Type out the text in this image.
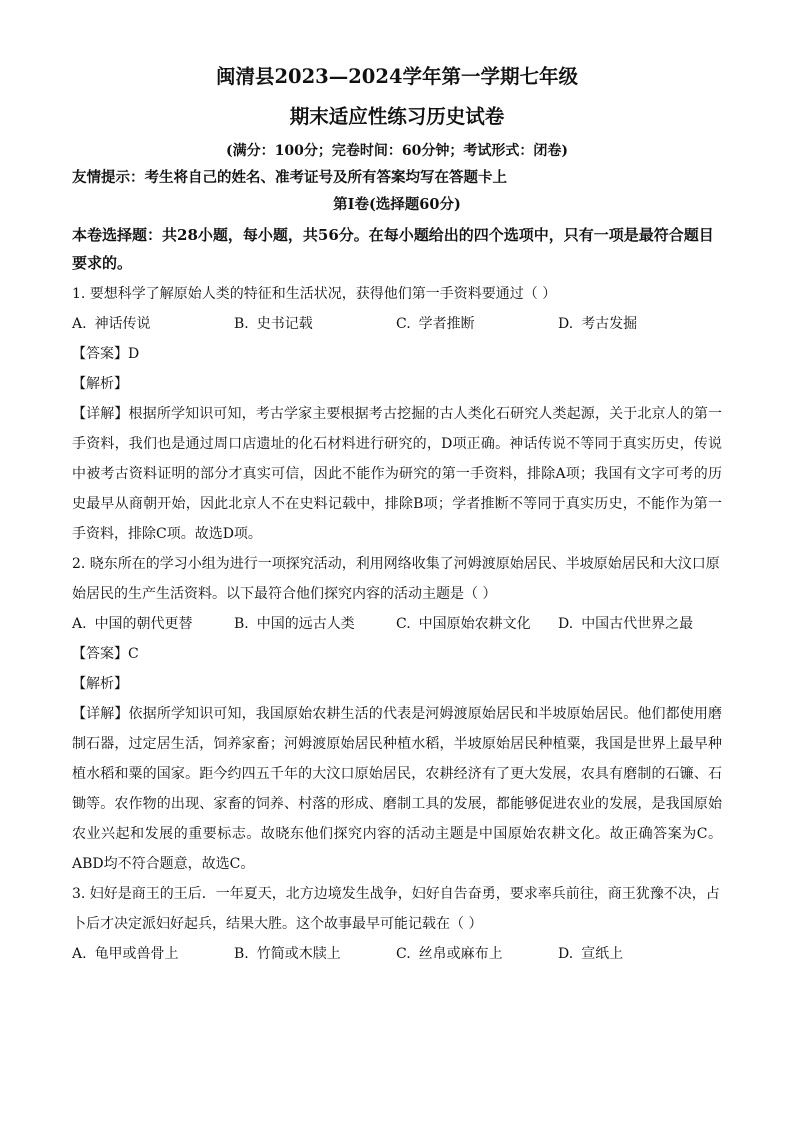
闽清县2023—2024学年第一学期七年级
期末适应性练习历史试卷
(满分：100分；完卷时间：60分钟；考试形式：闭卷)
友情提示：考生将自己的姓名、准考证号及所有答案均写在答题卡上
第Ⅰ卷(选择题60分)
本卷选择题：共28小题，每小题，共56分。在每小题给出的四个选项中，只有一项是最符合题目要求的。

1. 要想科学了解原始人类的特征和生活状况，获得他们第一手资料要通过（ ）

A. 神话传说	B. 史书记载	C. 学者推断	D. 考古发掘
【答案】D
【解析】

【详解】根据所学知识可知，考古学家主要根据考古挖掘的古人类化石研究人类起源，关于北京人的第一手资料，我们也是通过周口店遗址的化石材料进行研究的，D项正确。神话传说不等同于真实历史，传说中被考古资料证明的部分才真实可信，因此不能作为研究的第一手资料，排除A项；我国有文字可考的历史最早从商朝开始，因此北京人不在史料记载中，排除B项；学者推断不等同于真实历史，不能作为第一手资料，排除C项。故选D项。

2. 晓东所在的学习小组为进行一项探究活动，利用网络收集了河姆渡原始居民、半坡原始居民和大汶口原始居民的生产生活资料。以下最符合他们探究内容的活动主题是（ ）

A. 中国的朝代更替	B. 中国的远古人类	C. 中国原始农耕文化	D. 中国古代世界之最
【答案】C
【解析】

【详解】依据所学知识可知，我国原始农耕生活的代表是河姆渡原始居民和半坡原始居民。他们都使用磨制石器，过定居生活，饲养家畜；河姆渡原始居民种植水稻，半坡原始居民种植粟，我国是世界上最早种植水稻和粟的国家。距今约四五千年的大汶口原始居民，农耕经济有了更大发展，农具有磨制的石镰、石锄等。农作物的出现、家畜的饲养、村落的形成、磨制工具的发展，都能够促进农业的发展，是我国原始农业兴起和发展的重要标志。故晓东他们探究内容的活动主题是中国原始农耕文化。故正确答案为C。ABD均不符合题意，故选C。

3. 妇好是商王的王后．一年夏天，北方边境发生战争，妇好自告奋勇，要求率兵前往，商王犹豫不决，占卜后才决定派妇好起兵，结果大胜。这个故事最早可能记载在（ ）

A. 龟甲或兽骨上	B. 竹简或木牍上	C. 丝帛或麻布上	D. 宣纸上
